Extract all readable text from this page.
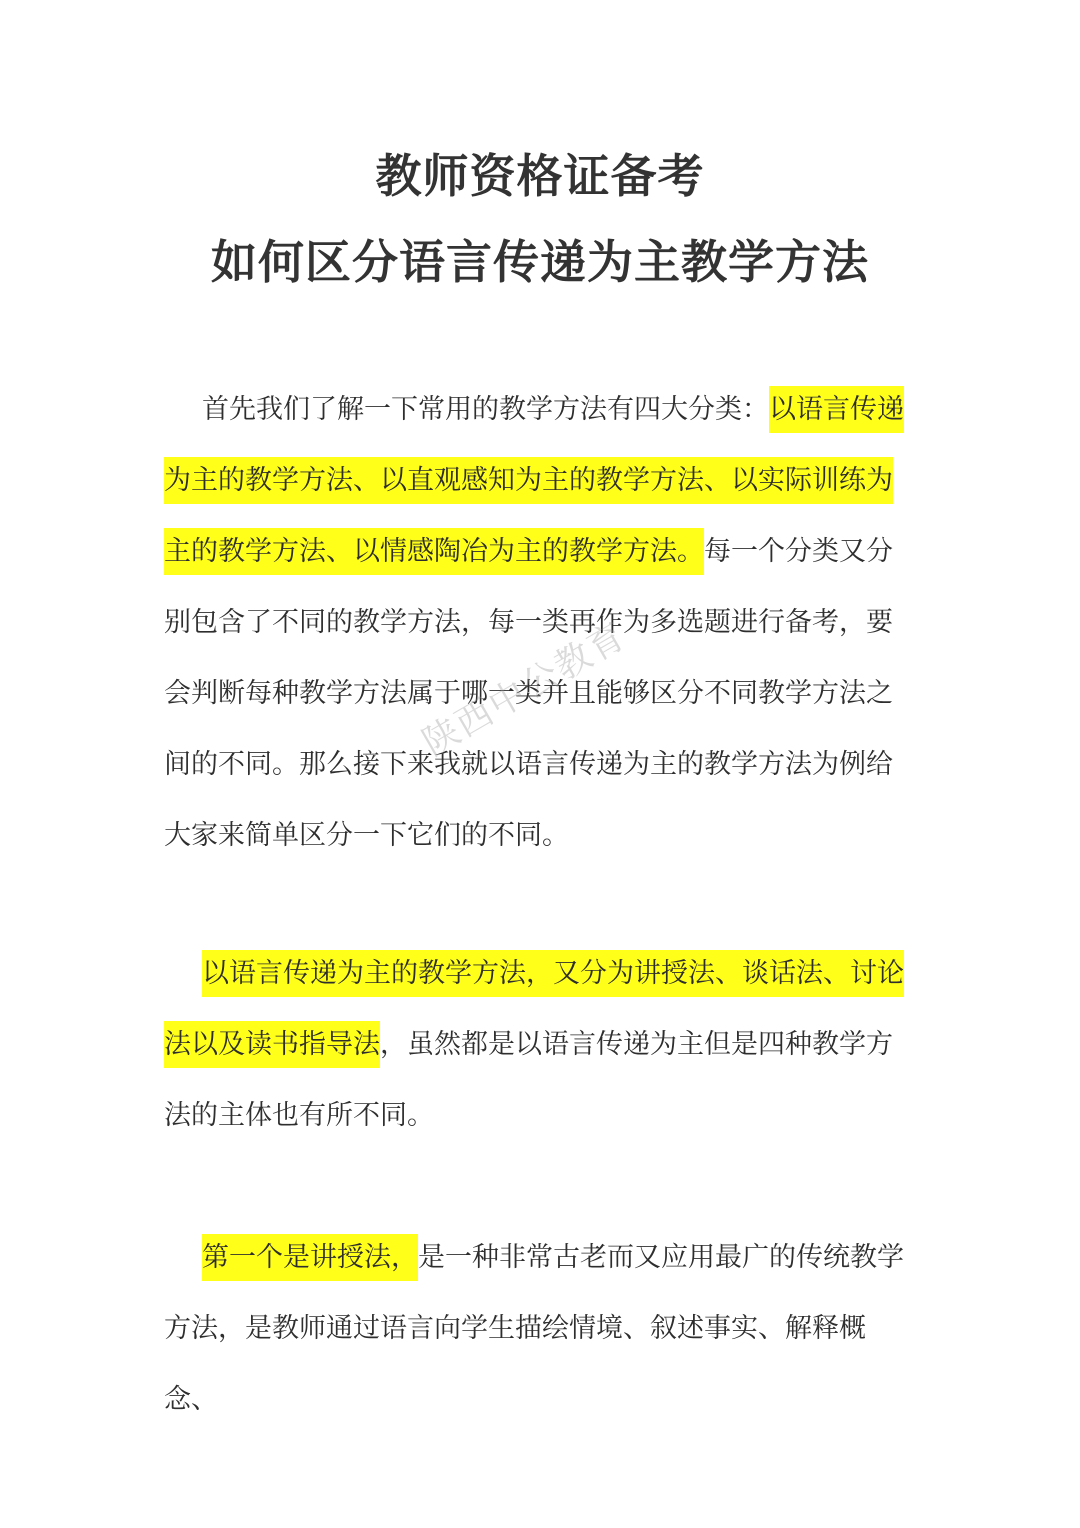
教师资格证备考
如何区分语言传递为主教学方法

首先我们了解一下常用的教学方法有四大分类：以语言传递为主的教学方法、以直观感知为主的教学方法、以实际训练为主的教学方法、以情感陶冶为主的教学方法。每一个分类又分别包含了不同的教学方法，每一类再作为多选题进行备考，要会判断每种教学方法属于哪一类并且能够区分不同教学方法之间的不同。那么接下来我就以语言传递为主的教学方法为例给大家来简单区分一下它们的不同。

以语言传递为主的教学方法，又分为讲授法、谈话法、讨论法以及读书指导法，虽然都是以语言传递为主但是四种教学方法的主体也有所不同。

第一个是讲授法，是一种非常古老而又应用最广的传统教学方法，是教师通过语言向学生描绘情境、叙述事实、解释概念、

陕西中公教育
